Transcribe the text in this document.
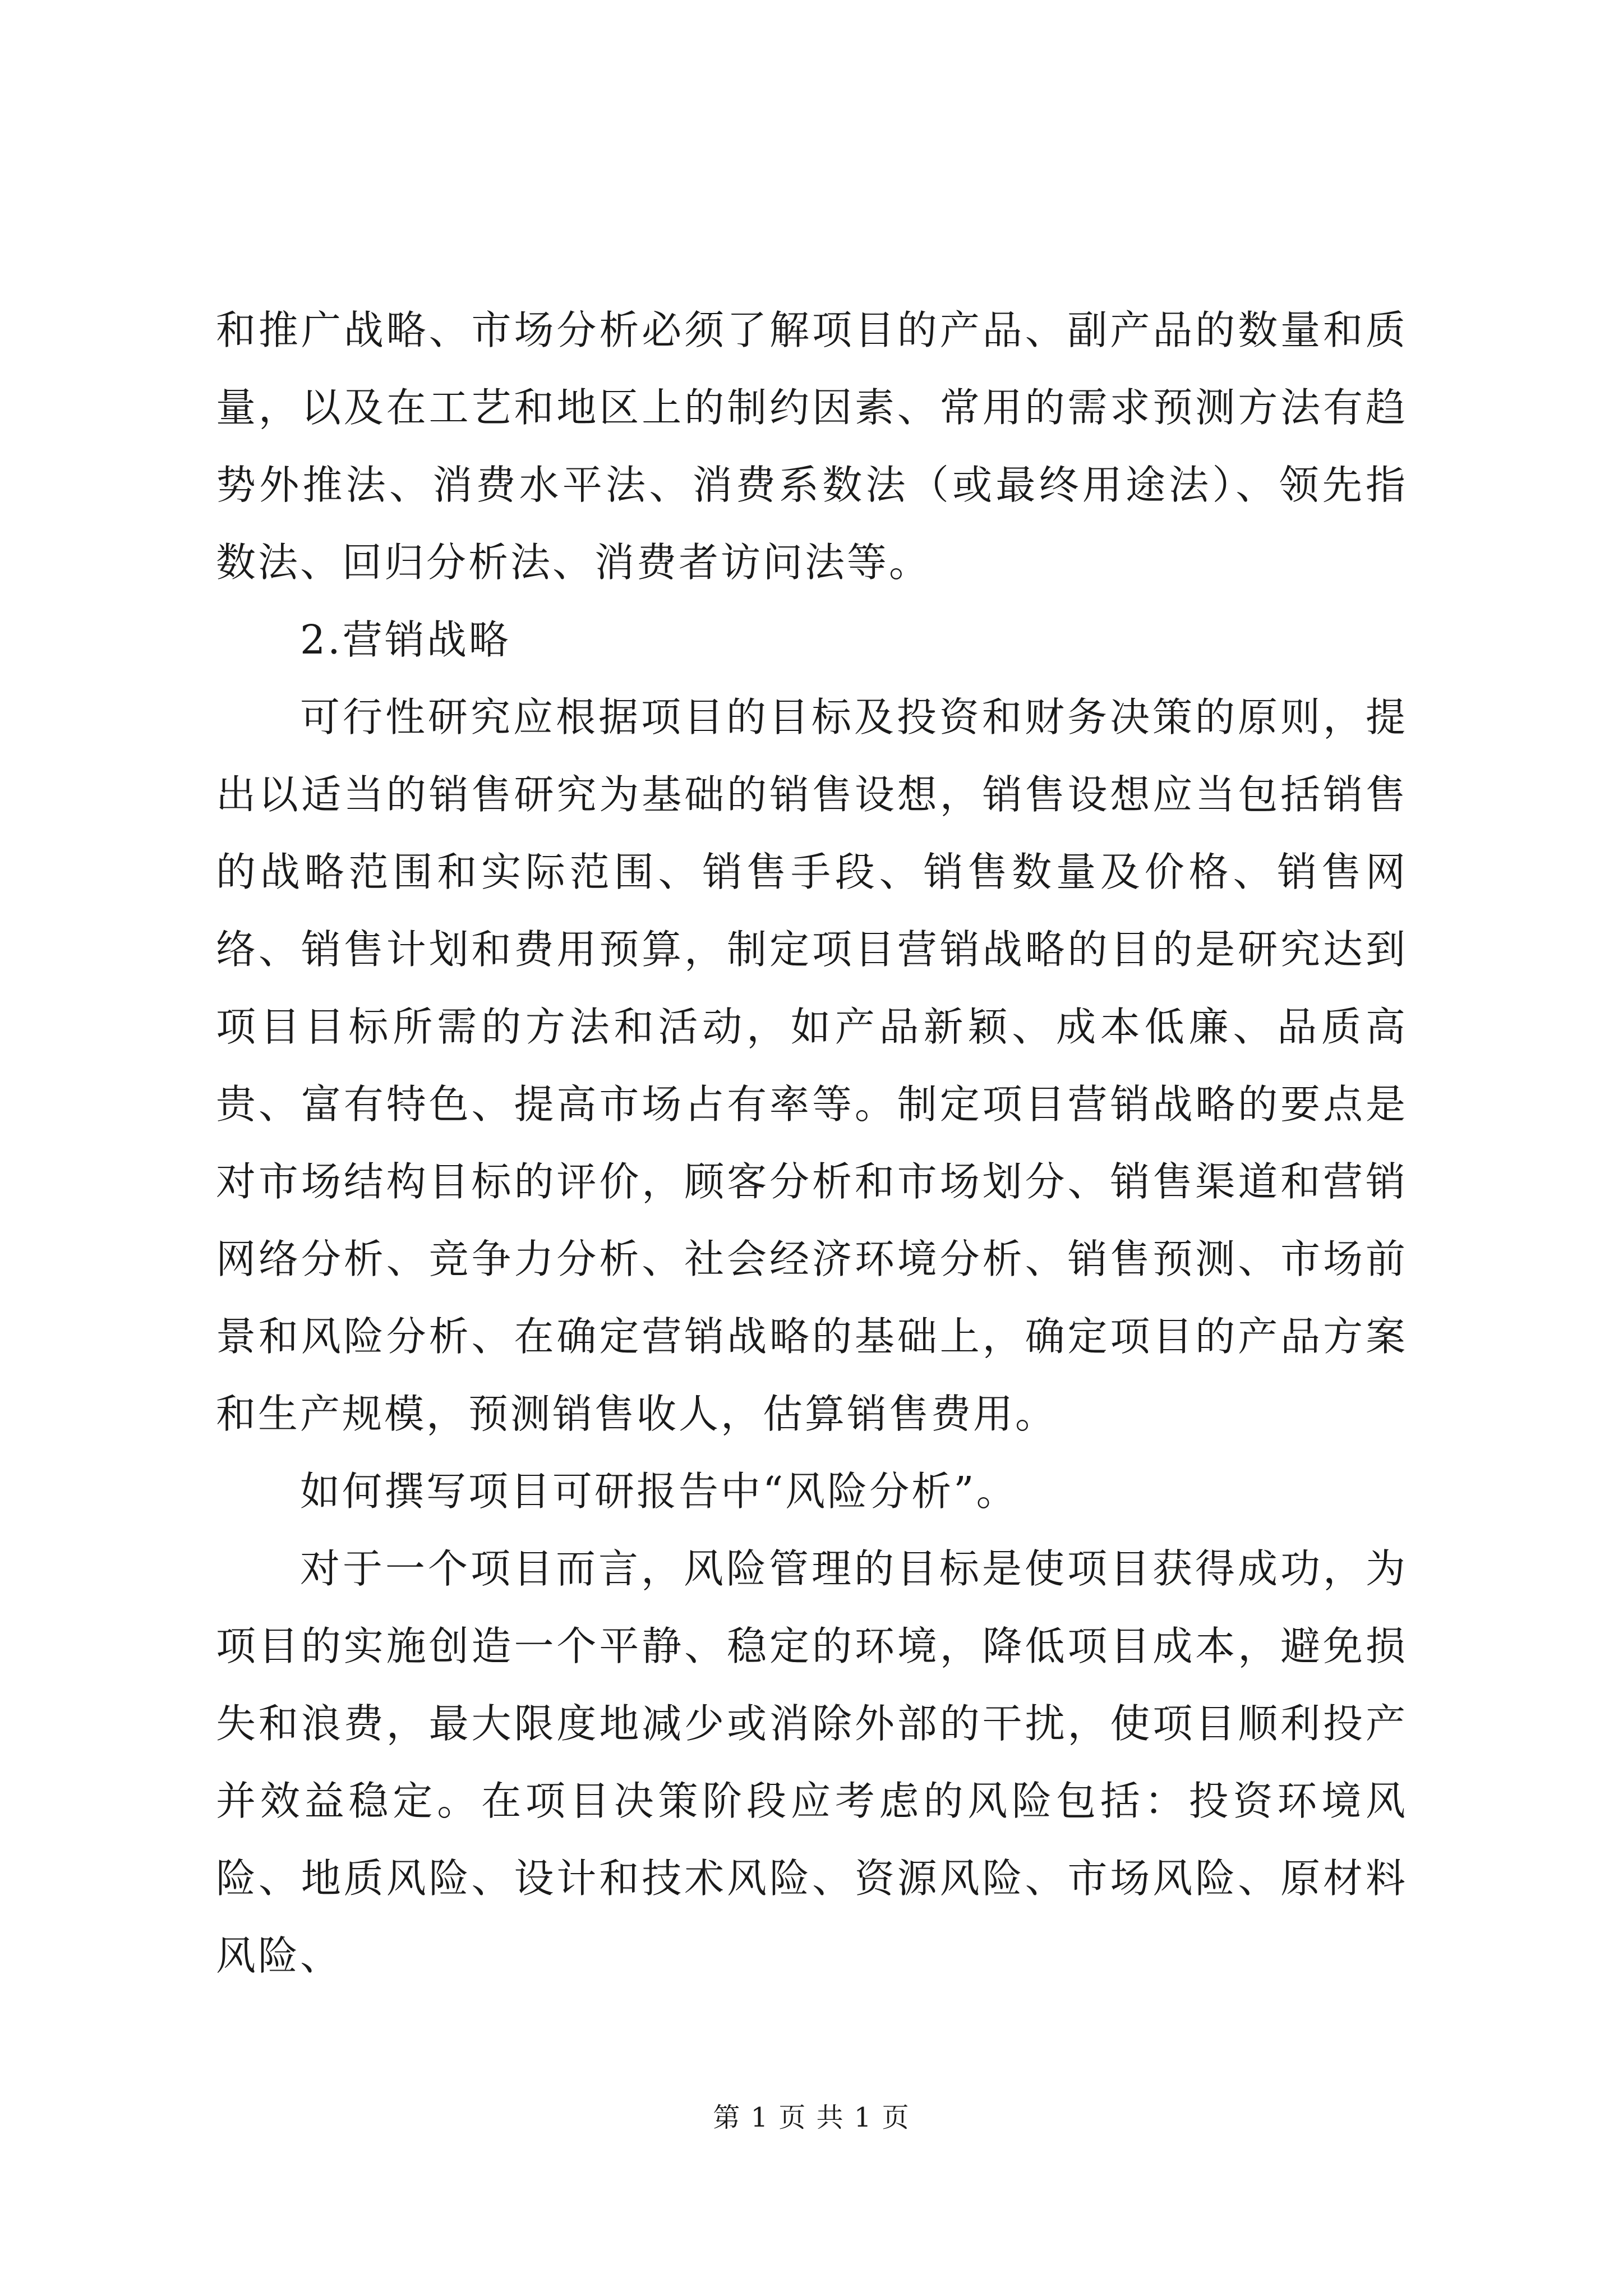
和推广战略、市场分析必须了解项目的产品、副产品的数量和质量，以及在工艺和地区上的制约因素、常用的需求预测方法有趋势外推法、消费水平法、消费系数法（或最终用途法）、领先指数法、回归分析法、消费者访问法等。

2.营销战略

可行性研究应根据项目的目标及投资和财务决策的原则，提出以适当的销售研究为基础的销售设想，销售设想应当包括销售的战略范围和实际范围、销售手段、销售数量及价格、销售网络、销售计划和费用预算，制定项目营销战略的目的是研究达到项目目标所需的方法和活动，如产品新颖、成本低廉、品质高贵、富有特色、提高市场占有率等。制定项目营销战略的要点是对市场结构目标的评价，顾客分析和市场划分、销售渠道和营销网络分析、竞争力分析、社会经济环境分析、销售预测、市场前景和风险分析、在确定营销战略的基础上，确定项目的产品方案和生产规模，预测销售收人，估算销售费用。

如何撰写项目可研报告中“风险分析”。

对于一个项目而言，风险管理的目标是使项目获得成功，为项目的实施创造一个平静、稳定的环境，降低项目成本，避免损失和浪费，最大限度地减少或消除外部的干扰，使项目顺利投产并效益稳定。在项目决策阶段应考虑的风险包括：投资环境风险、地质风险、设计和技术风险、资源风险、市场风险、原材料风险、

第 1 页 共 1 页
